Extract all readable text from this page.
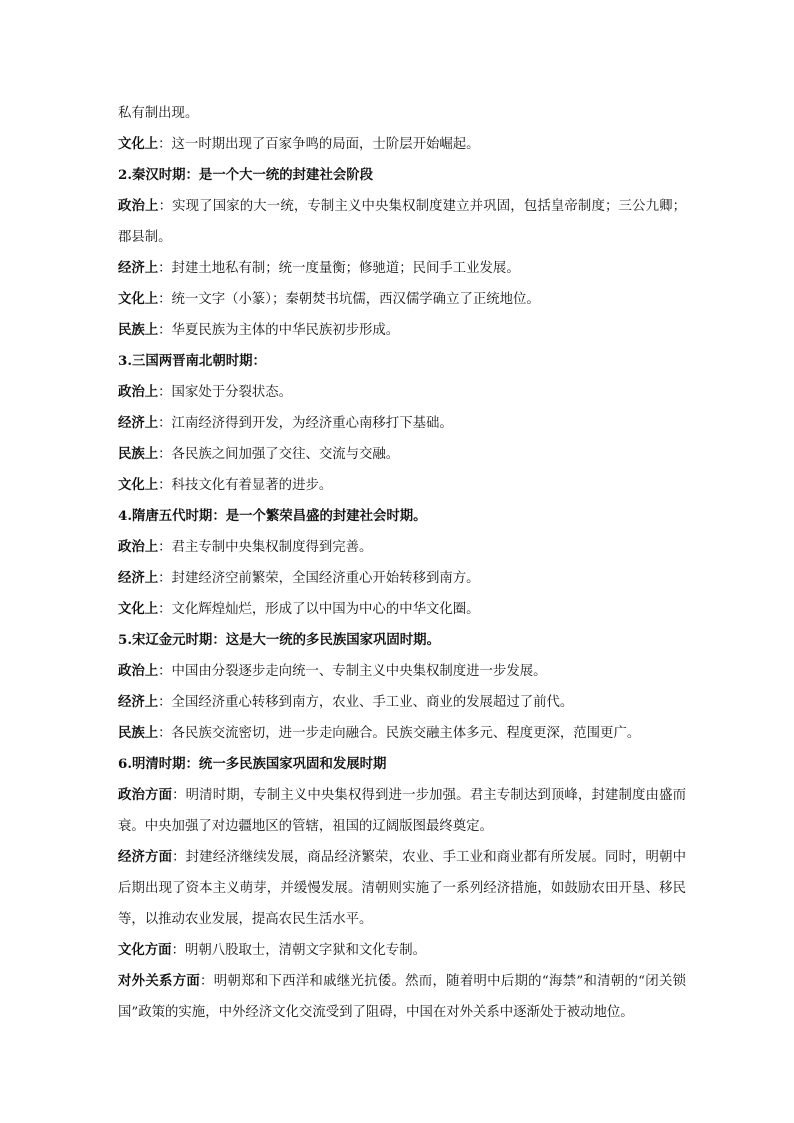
私有制出现。

文化上：这一时期出现了百家争鸣的局面，士阶层开始崛起。

2.秦汉时期：是一个大一统的封建社会阶段

政治上：实现了国家的大一统，专制主义中央集权制度建立并巩固，包括皇帝制度；三公九卿；郡县制。

经济上：封建土地私有制；统一度量衡；修驰道；民间手工业发展。

文化上：统一文字（小篆）；秦朝焚书坑儒，西汉儒学确立了正统地位。

民族上：华夏民族为主体的中华民族初步形成。

3.三国两晋南北朝时期：

政治上：国家处于分裂状态。

经济上：江南经济得到开发，为经济重心南移打下基础。

民族上：各民族之间加强了交往、交流与交融。

文化上：科技文化有着显著的进步。

4.隋唐五代时期：是一个繁荣昌盛的封建社会时期。

政治上：君主专制中央集权制度得到完善。

经济上：封建经济空前繁荣，全国经济重心开始转移到南方。

文化上：文化辉煌灿烂，形成了以中国为中心的中华文化圈。

5.宋辽金元时期：这是大一统的多民族国家巩固时期。

政治上：中国由分裂逐步走向统一、专制主义中央集权制度进一步发展。

经济上：全国经济重心转移到南方，农业、手工业、商业的发展超过了前代。

民族上：各民族交流密切，进一步走向融合。民族交融主体多元、程度更深，范围更广。

6.明清时期：统一多民族国家巩固和发展时期

政治方面：明清时期，专制主义中央集权得到进一步加强。君主专制达到顶峰，封建制度由盛而衰。中央加强了对边疆地区的管辖，祖国的辽阔版图最终奠定。

经济方面：封建经济继续发展，商品经济繁荣，农业、手工业和商业都有所发展。同时，明朝中后期出现了资本主义萌芽，并缓慢发展。清朝则实施了一系列经济措施，如鼓励农田开垦、移民等，以推动农业发展，提高农民生活水平。

文化方面：明朝八股取士，清朝文字狱和文化专制。

对外关系方面：明朝郑和下西洋和戚继光抗倭。然而，随着明中后期的“海禁”和清朝的“闭关锁国”政策的实施，中外经济文化交流受到了阻碍，中国在对外关系中逐渐处于被动地位。
